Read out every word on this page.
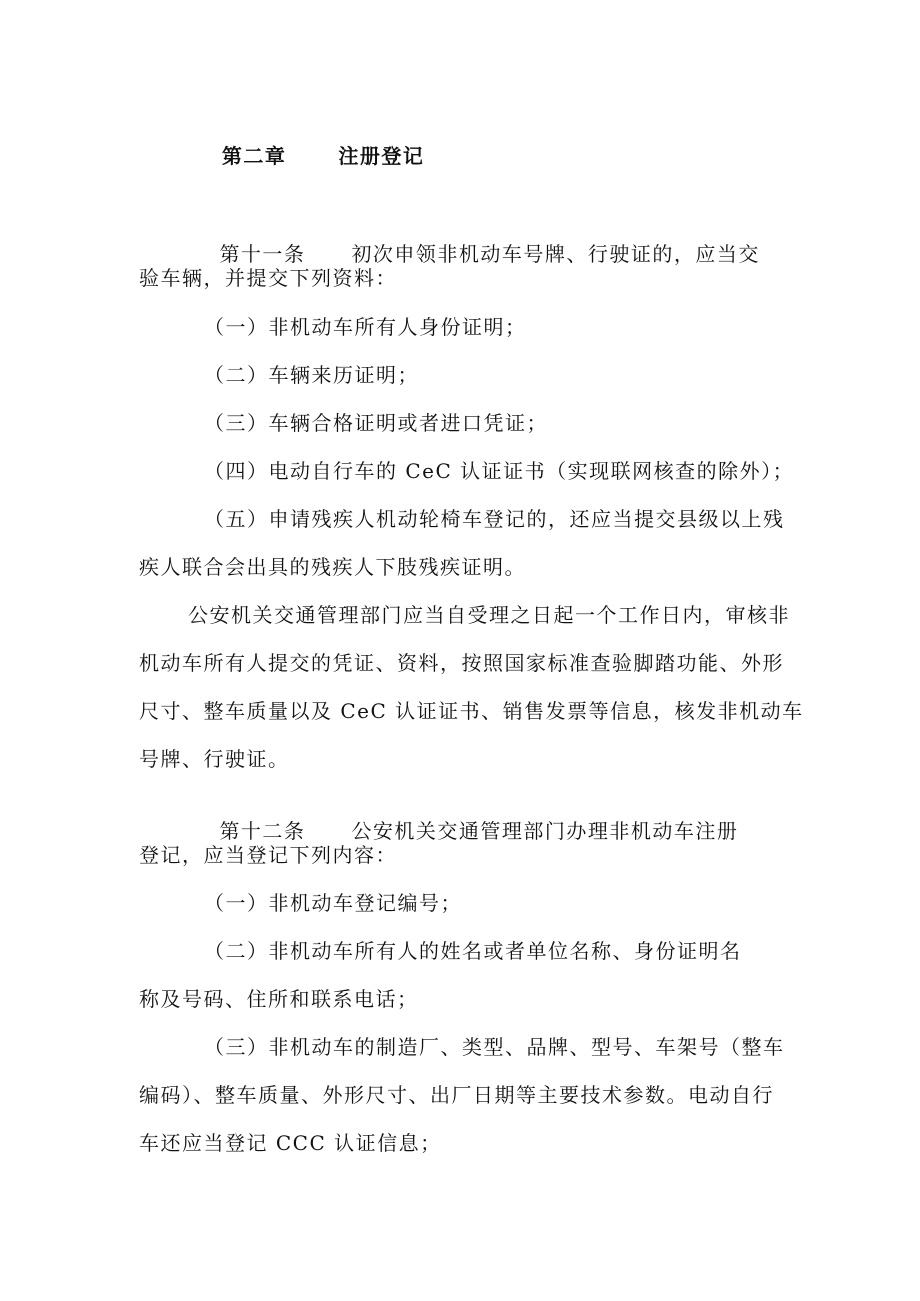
第二章	注册登记

第十一条 初次申领非机动车号牌、行驶证的，应当交

验车辆，并提交下列资料：
（一）非机动车所有人身份证明；
（二）车辆来历证明；
（三）车辆合格证明或者进口凭证；
（四）电动自行车的 CeC 认证证书（实现联网核查的除外）；
（五）申请残疾人机动轮椅车登记的，还应当提交县级以上残
疾人联合会出具的残疾人下肢残疾证明。
公安机关交通管理部门应当自受理之日起一个工作日内，审核非
机动车所有人提交的凭证、资料，按照国家标准查验脚踏功能、外形
尺寸、整车质量以及 CeC 认证证书、销售发票等信息，核发非机动车
号牌、行驶证。

第十二条 公安机关交通管理部门办理非机动车注册

登记，应当登记下列内容：
（一）非机动车登记编号；
（二）非机动车所有人的姓名或者单位名称、身份证明名
称及号码、住所和联系电话；
（三）非机动车的制造厂、类型、品牌、型号、车架号（整车
编码）、整车质量、外形尺寸、出厂日期等主要技术参数。电动自行
车还应当登记 CCC 认证信息；
